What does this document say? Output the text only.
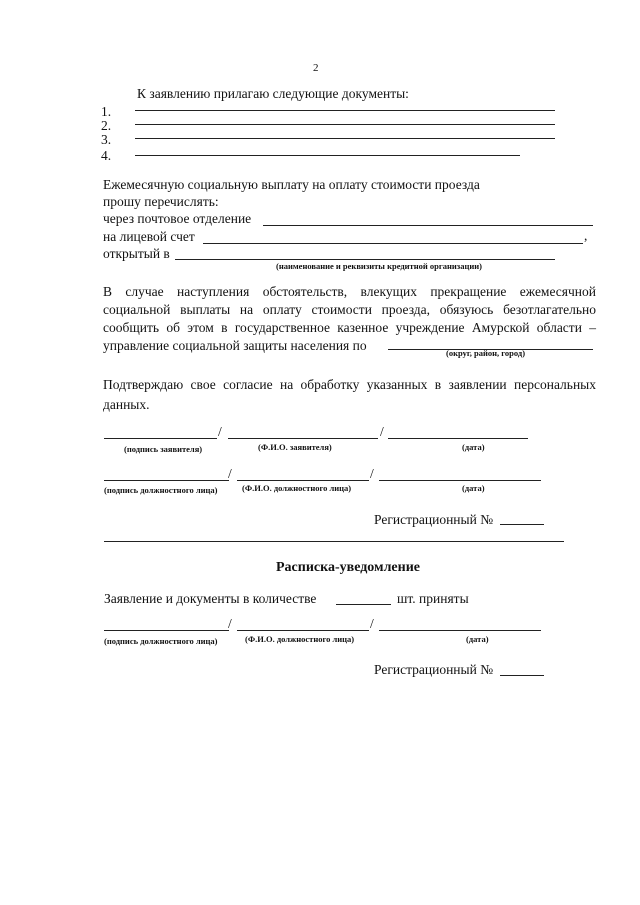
2
К заявлению прилагаю следующие документы:
1.
2.
3.
4.
Ежемесячную социальную выплату на оплату стоимости проезда
прошу перечислять:
через почтовое отделение
на лицевой счет	,
открытый в
(наименование и реквизиты кредитной организации)
В случае наступления обстоятельств, влекущих прекращение ежемесячной
социальной выплаты на оплату стоимости проезда, обязуюсь безотлагательно
сообщить об этом в государственное казенное учреждение Амурской области –
управление социальной защиты населения по	(округ, район, город)
Подтверждаю свое согласие на обработку указанных в заявлении персональных
данных.
/	/
(подпись заявителя)	(Ф.И.О. заявителя)	(дата)
/	/
(подпись должностного лица)	(Ф.И.О. должностного лица)	(дата)
Регистрационный №
Расписка-уведомление
Заявление и документы в количестве	шт. приняты
/	/
(подпись должностного лица)	(Ф.И.О. должностного лица)	(дата)
Регистрационный №
